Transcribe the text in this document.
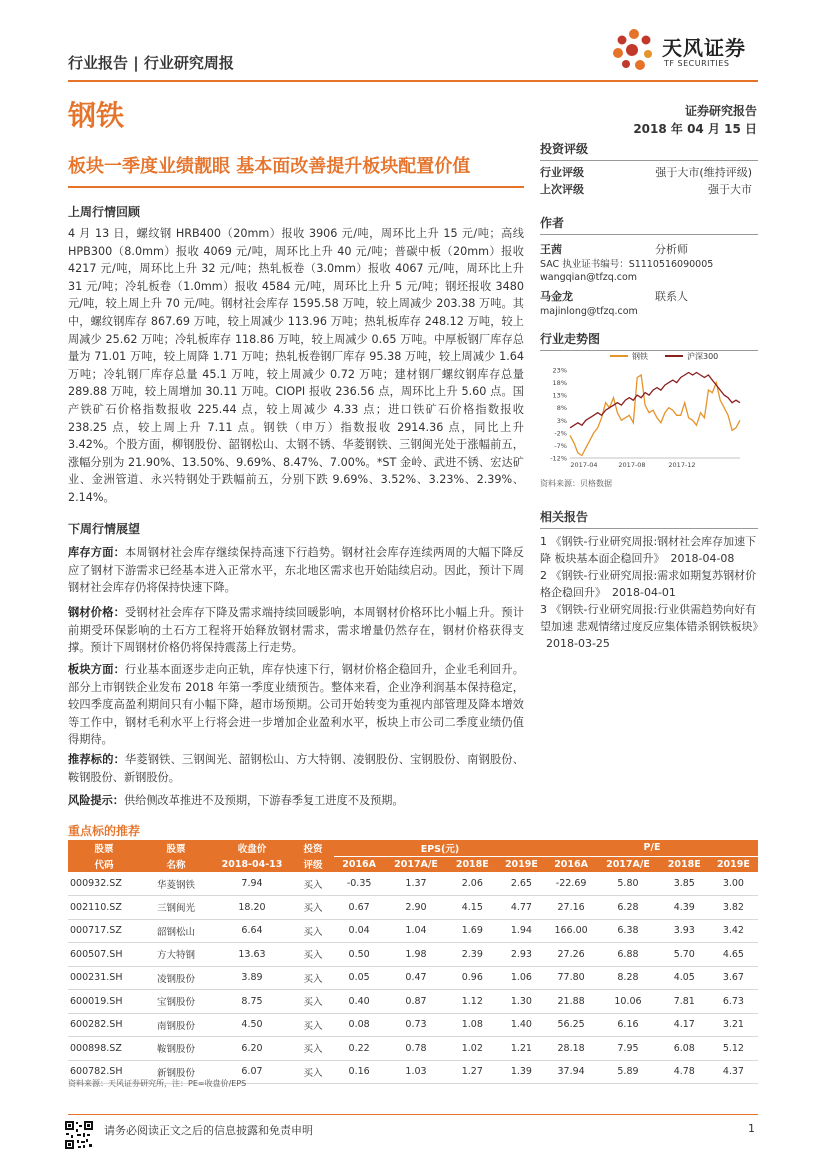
行业报告 | 行业研究周报
天风证券
TF SECURITIES
钢铁	证券研究报告
2018 年 04 月 15 日
板块一季度业绩靓眼 基本面改善提升板块配置价值
上周行情回顾
4 月 13 日，螺纹钢 HRB400（20mm）报收 3906 元/吨，周环比上升 15 元/吨；高线 HPB300（8.0mm）报收 4069 元/吨，周环比上升 40 元/吨；普碳中板（20mm）报收 4217 元/吨，周环比上升 32 元/吨；热轧板卷（3.0mm）报收 4067 元/吨，周环比上升 31 元/吨；冷轧板卷（1.0mm）报收 4584 元/吨，周环比上升 5 元/吨；钢坯报收 3480 元/吨，较上周上升 70 元/吨。钢材社会库存 1595.58 万吨，较上周减少 203.38 万吨。其中，螺纹钢库存 867.69 万吨，较上周减少 113.96 万吨；热轧板库存 248.12 万吨，较上周减少 25.62 万吨；冷轧板库存 118.86 万吨，较上周减少 0.65 万吨。中厚板钢厂库存总量为 71.01 万吨，较上周降 1.71 万吨；热轧板卷钢厂库存 95.38 万吨，较上周减少 1.64 万吨；冷轧钢厂库存总量 45.1 万吨，较上周减少 0.72 万吨；建材钢厂螺纹钢库存总量 289.88 万吨，较上周增加 30.11 万吨。CIOPI 报收 236.56 点，周环比上升 5.60 点。国产铁矿石价格指数报收 225.44 点，较上周减少 4.33 点；进口铁矿石价格指数报收 238.25 点，较上周上升 7.11 点。钢铁（申万）指数报收 2914.36 点，同比上升 3.42%。个股方面，柳钢股份、韶钢松山、太钢不锈、华菱钢铁、三钢闽光处于涨幅前五，涨幅分别为 21.90%、13.50%、9.69%、8.47%、7.00%。*ST 金岭、武进不锈、宏达矿业、金洲管道、永兴特钢处于跌幅前五，分别下跌 9.69%、3.52%、3.23%、2.39%、2.14%。
下周行情展望
库存方面：本周钢材社会库存继续保持高速下行趋势。钢材社会库存连续两周的大幅下降反应了钢材下游需求已经基本进入正常水平，东北地区需求也开始陆续启动。因此，预计下周钢材社会库存仍将保持快速下降。
钢材价格：受钢材社会库存下降及需求端持续回暖影响，本周钢材价格环比小幅上升。预计前期受环保影响的土石方工程将开始释放钢材需求，需求增量仍然存在，钢材价格获得支撑。预计下周钢材价格仍将保持震荡上行走势。
板块方面：行业基本面逐步走向正轨，库存快速下行，钢材价格企稳回升，企业毛利回升。部分上市钢铁企业发布 2018 年第一季度业绩预告。整体来看，企业净利润基本保持稳定，较四季度高盈利期间只有小幅下降，超市场预期。公司开始转变为重视内部管理及降本增效等工作中，钢材毛利水平上行将会进一步增加企业盈利水平，板块上市公司二季度业绩仍值得期待。
推荐标的：华菱钢铁、三钢闽光、韶钢松山、方大特钢、凌钢股份、宝钢股份、南钢股份、鞍钢股份、新钢股份。
风险提示：供给侧改革推进不及预期，下游春季复工进度不及预期。
投资评级
行业评级	强于大市(维持评级)
上次评级	强于大市
作者
王茜	分析师
SAC 执业证书编号：S1110516090005
wangqian@tfzq.com
马金龙	联系人
majinlong@tfzq.com
行业走势图
钢铁	沪深300
23%
18%
13%
8%
3%
-2%
-7%
-12%
2017-04	2017-08	2017-12
资料来源：贝格数据
相关报告
1 《钢铁-行业研究周报:钢材社会库存加速下降 板块基本面企稳回升》 2018-04-08
2 《钢铁-行业研究周报:需求如期复苏钢材价格企稳回升》 2018-04-01
3 《钢铁-行业研究周报:行业供需趋势向好有望加速 悲观情绪过度反应集体错杀钢铁板块》2018-03-25
重点标的推荐
股票	股票	收盘价	投资	EPS(元)				P/E			
代码	名称	2018-04-13	评级	2016A	2017A/E	2018E	2019E	2016A	2017A/E	2018E	2019E
000932.SZ	华菱钢铁	7.94	买入	-0.35	1.37	2.06	2.65	-22.69	5.80	3.85	3.00
002110.SZ	三钢闽光	18.20	买入	0.67	2.90	4.15	4.77	27.16	6.28	4.39	3.82
000717.SZ	韶钢松山	6.64	买入	0.04	1.04	1.69	1.94	166.00	6.38	3.93	3.42
600507.SH	方大特钢	13.63	买入	0.50	1.98	2.39	2.93	27.26	6.88	5.70	4.65
000231.SH	凌钢股份	3.89	买入	0.05	0.47	0.96	1.06	77.80	8.28	4.05	3.67
600019.SH	宝钢股份	8.75	买入	0.40	0.87	1.12	1.30	21.88	10.06	7.81	6.73
600282.SH	南钢股份	4.50	买入	0.08	0.73	1.08	1.40	56.25	6.16	4.17	3.21
000898.SZ	鞍钢股份	6.20	买入	0.22	0.78	1.02	1.21	28.18	7.95	6.08	5.12
600782.SH	新钢股份	6.07	买入	0.16	1.03	1.27	1.39	37.94	5.89	4.78	4.37
资料来源：天风证券研究所，注：PE=收盘价/EPS
请务必阅读正文之后的信息披露和免责申明	1
